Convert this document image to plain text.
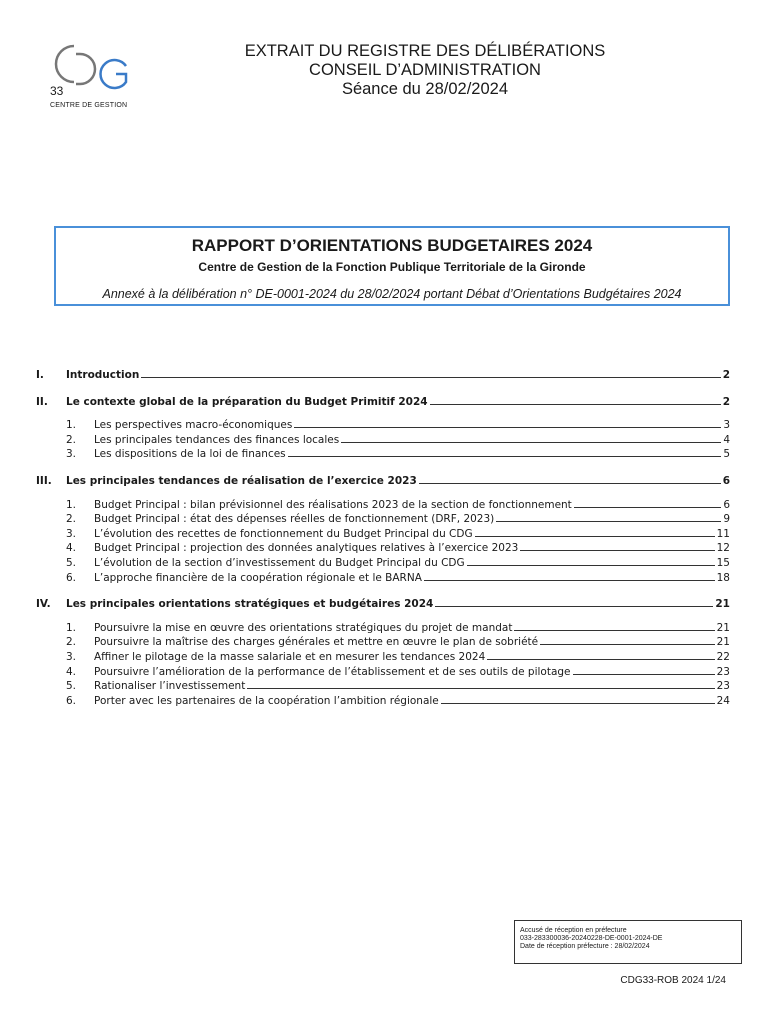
33
CENTRE DE GESTION
EXTRAIT DU REGISTRE DES DÉLIBÉRATIONS
CONSEIL D’ADMINISTRATION
Séance du 28/02/2024
RAPPORT D’ORIENTATIONS BUDGETAIRES 2024
Centre de Gestion de la Fonction Publique Territoriale de la Gironde
Annexé à la délibération n° DE-0001-2024 du 28/02/2024 portant Débat d’Orientations Budgétaires 2024
I.	Introduction	2
II.	Le contexte global de la préparation du Budget Primitif 2024	2
1.	Les perspectives macro-économiques	3
2.	Les principales tendances des finances locales	4
3.	Les dispositions de la loi de finances	5
III.	Les principales tendances de réalisation de l’exercice 2023	6
1.	Budget Principal : bilan prévisionnel des réalisations 2023 de la section de fonctionnement	6
2.	Budget Principal : état des dépenses réelles de fonctionnement (DRF, 2023)	9
3.	L’évolution des recettes de fonctionnement du Budget Principal du CDG	11
4.	Budget Principal : projection des données analytiques relatives à l’exercice 2023	12
5.	L’évolution de la section d’investissement du Budget Principal du CDG	15
6.	L’approche financière de la coopération régionale et le BARNA	18
IV.	Les principales orientations stratégiques et budgétaires 2024	21
1.	Poursuivre la mise en œuvre des orientations stratégiques du projet de mandat	21
2.	Poursuivre la maîtrise des charges générales et mettre en œuvre le plan de sobriété	21
3.	Affiner le pilotage de la masse salariale et en mesurer les tendances 2024	22
4.	Poursuivre l’amélioration de la performance de l’établissement et de ses outils de pilotage	23
5.	Rationaliser l’investissement	23
6.	Porter avec les partenaires de la coopération l’ambition régionale	24
Accusé de réception en préfecture
033-283300036-20240228-DE-0001-2024-DE
Date de réception préfecture : 28/02/2024
CDG33-ROB 2024 1/24
